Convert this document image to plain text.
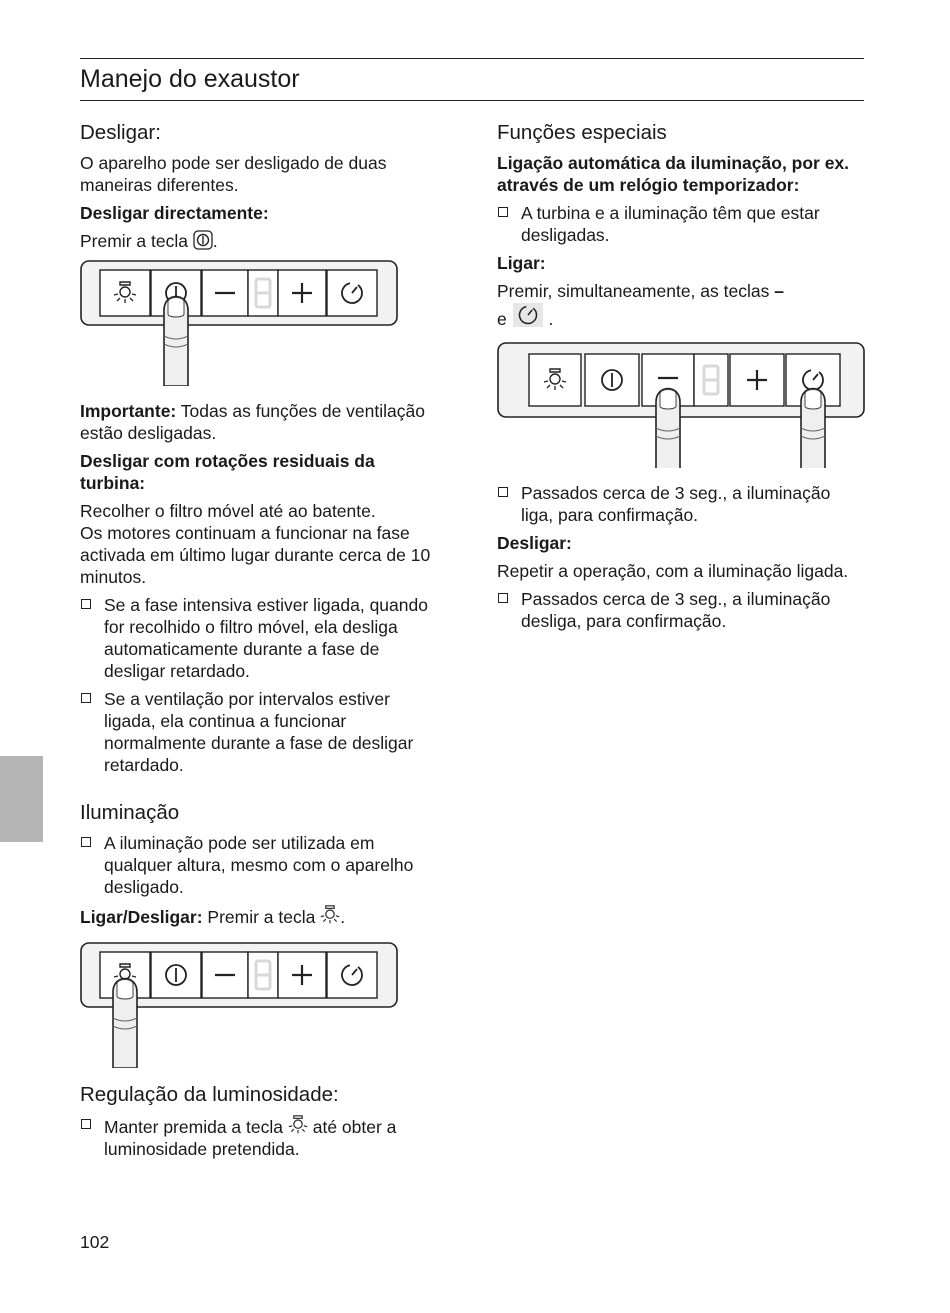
Manejo do exaustor
Desligar:

O aparelho pode ser desligado de duas maneiras diferentes.

Desligar directamente:

Premir a tecla .

Importante: Todas as funções de ventilação estão desligadas.

Desligar com rotações residuais da turbina:

Recolher o filtro móvel até ao batente.
Os motores continuam a funcionar na fase activada em último lugar durante cerca de 10 minutos.

Se a fase intensiva estiver ligada, quando for recolhido o filtro móvel, ela desliga automaticamente durante a fase de desligar retardado.
Se a ventilação por intervalos estiver ligada, ela continua a funcionar normalmente durante a fase de desligar retardado.
Iluminação
A iluminação pode ser utilizada em qualquer altura, mesmo com o aparelho desligado.

Ligar/Desligar: Premir a tecla .

Regulação da luminosidade:
Manter premida a tecla até obter a luminosidade pretendida.
Funções especiais

Ligação automática da iluminação, por ex. através de um relógio temporizador:

A turbina e a iluminação têm que estar desligadas.

Ligar:

Premir, simultaneamente, as teclas –
e .

Passados cerca de 3 seg., a iluminação liga, para confirmação.

Desligar:

Repetir a operação, com a iluminação ligada.

Passados cerca de 3 seg., a iluminação desliga, para confirmação.
102
